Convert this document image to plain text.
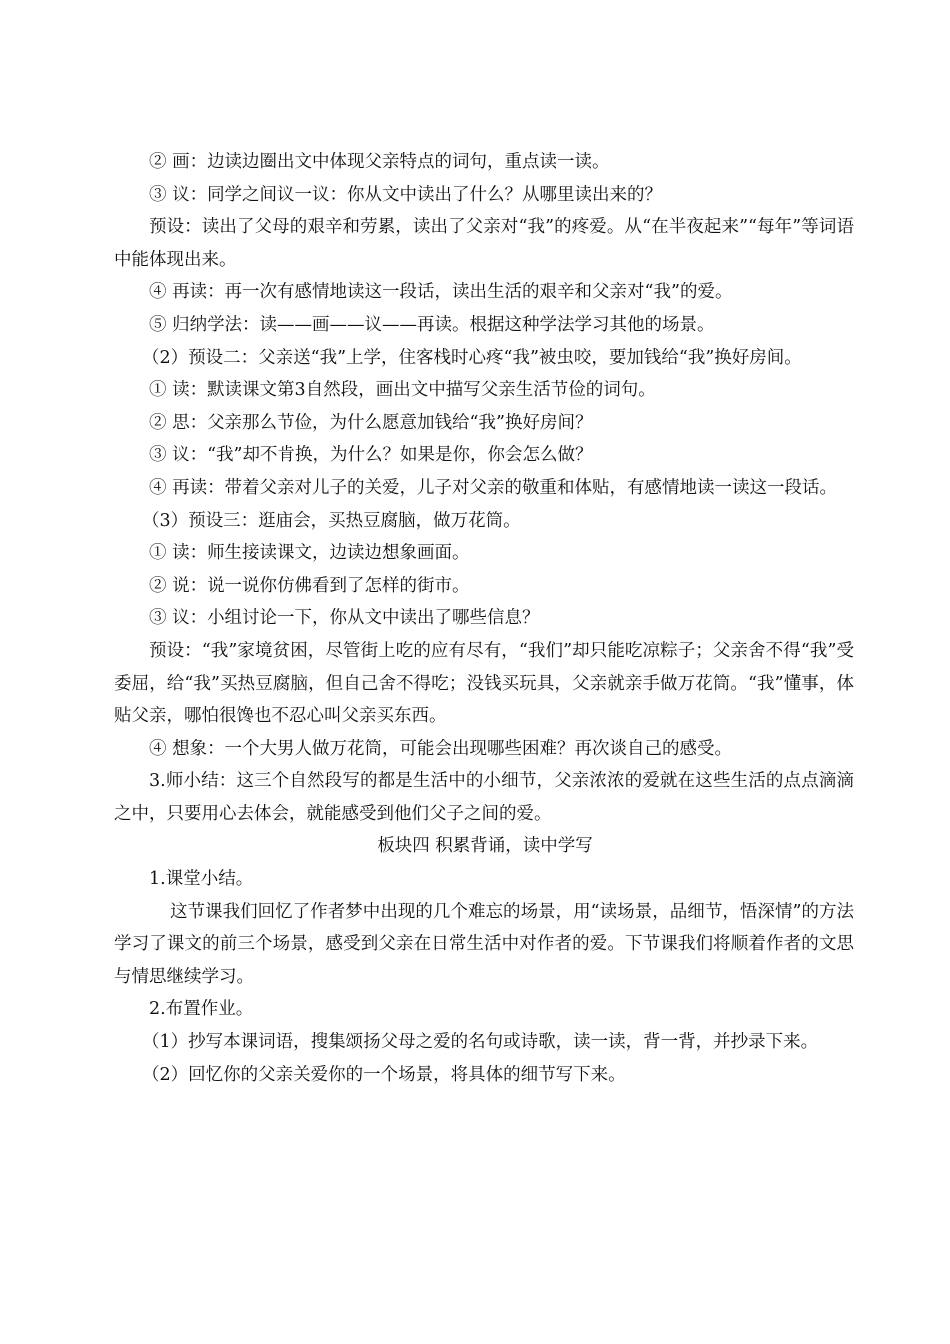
② 画：边读边圈出文中体现父亲特点的词句，重点读一读。

③ 议：同学之间议一议：你从文中读出了什么？从哪里读出来的？

预设：读出了父母的艰辛和劳累，读出了父亲对“我”的疼爱。从“在半夜起来”“每年”等词语中能体现出来。

④ 再读：再一次有感情地读这一段话，读出生活的艰辛和父亲对“我”的爱。

⑤ 归纳学法：读——画——议——再读。根据这种学法学习其他的场景。

（2）预设二：父亲送“我”上学，住客栈时心疼“我”被虫咬，要加钱给“我”换好房间。

① 读：默读课文第3自然段，画出文中描写父亲生活节俭的词句。

② 思：父亲那么节俭，为什么愿意加钱给“我”换好房间？

③ 议：“我”却不肯换，为什么？如果是你，你会怎么做？

④ 再读：带着父亲对儿子的关爱，儿子对父亲的敬重和体贴，有感情地读一读这一段话。

（3）预设三：逛庙会，买热豆腐脑，做万花筒。

① 读：师生接读课文，边读边想象画面。

② 说：说一说你仿佛看到了怎样的街市。

③ 议：小组讨论一下，你从文中读出了哪些信息？

预设：“我”家境贫困，尽管街上吃的应有尽有，“我们”却只能吃凉粽子；父亲舍不得“我”受委屈，给“我”买热豆腐脑，但自己舍不得吃；没钱买玩具，父亲就亲手做万花筒。“我”懂事，体贴父亲，哪怕很馋也不忍心叫父亲买东西。

④ 想象：一个大男人做万花筒，可能会出现哪些困难？再次谈自己的感受。

3.师小结：这三个自然段写的都是生活中的小细节，父亲浓浓的爱就在这些生活的点点滴滴之中，只要用心去体会，就能感受到他们父子之间的爱。

板块四 积累背诵，读中学写

1.课堂小结。

这节课我们回忆了作者梦中出现的几个难忘的场景，用“读场景，品细节，悟深情”的方法学习了课文的前三个场景，感受到父亲在日常生活中对作者的爱。下节课我们将顺着作者的文思与情思继续学习。

2.布置作业。

（1）抄写本课词语，搜集颂扬父母之爱的名句或诗歌，读一读，背一背，并抄录下来。

（2）回忆你的父亲关爱你的一个场景，将具体的细节写下来。
